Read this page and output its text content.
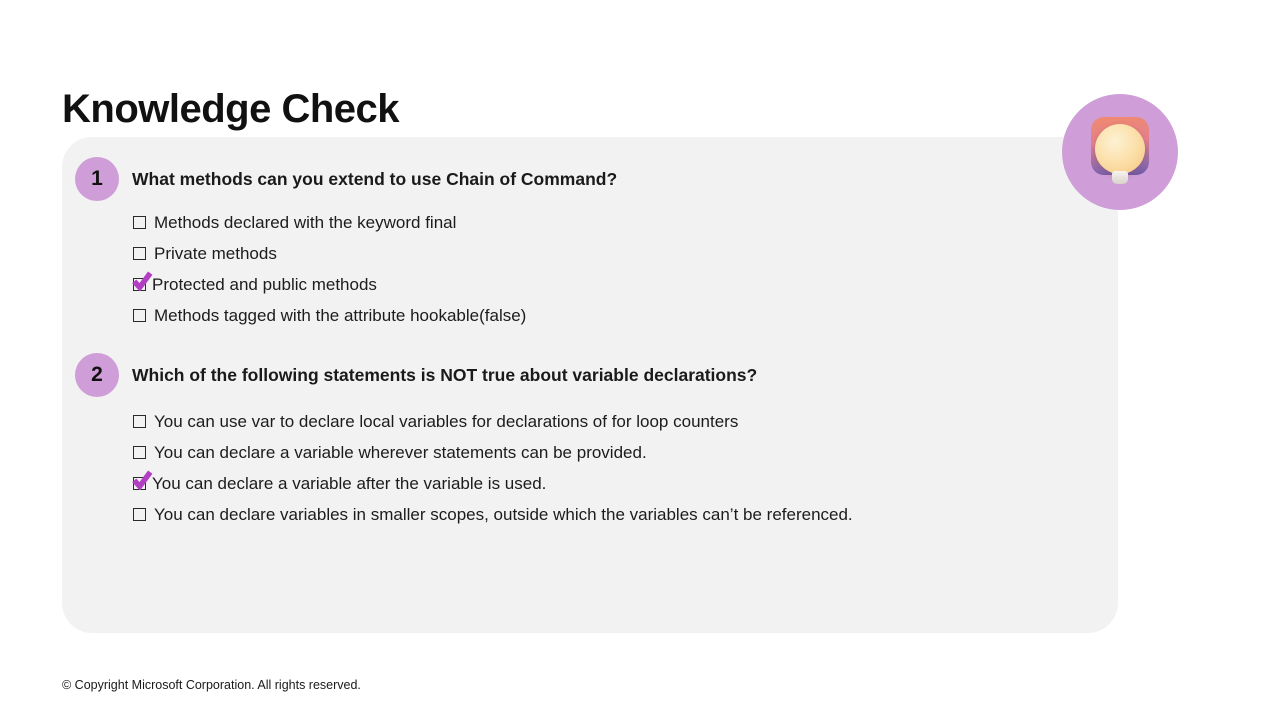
Knowledge Check
1	What methods can you extend to use Chain of Command?
Methods declared with the keyword final
Private methods
Protected and public methods
Methods tagged with the attribute hookable(false)
2	Which of the following statements is NOT true about variable declarations?
You can use var to declare local variables for declarations of for loop counters
You can declare a variable wherever statements can be provided.
You can declare a variable after the variable is used.
You can declare variables in smaller scopes, outside which the variables can’t be referenced.
© Copyright Microsoft Corporation. All rights reserved.
